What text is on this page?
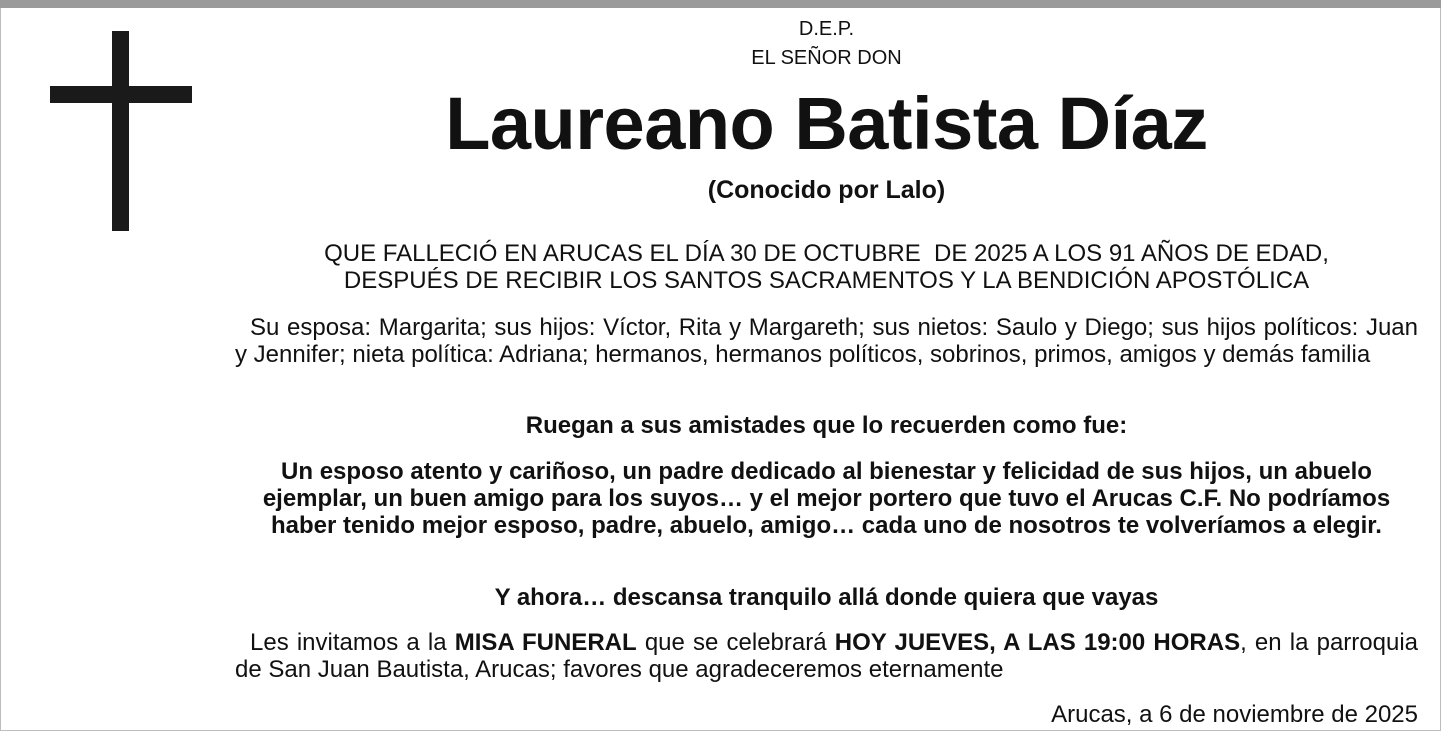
D.E.P.
EL SEÑOR DON
Laureano Batista Díaz
(Conocido por Lalo)
QUE FALLECIÓ EN ARUCAS EL DÍA 30 DE OCTUBRE  DE 2025 A LOS 91 AÑOS DE EDAD,
DESPUÉS DE RECIBIR LOS SANTOS SACRAMENTOS Y LA BENDICIÓN APOSTÓLICA
Su esposa: Margarita; sus hijos: Víctor, Rita y Margareth; sus nietos: Saulo y Diego; sus hijos políticos: Juan y Jennifer; nieta política: Adriana; hermanos, hermanos políticos, sobrinos, primos, amigos y demás familia
Ruegan a sus amistades que lo recuerden como fue:
Un esposo atento y cariñoso, un padre dedicado al bienestar y felicidad de sus hijos, un abuelo ejemplar, un buen amigo para los suyos… y el mejor portero que tuvo el Arucas C.F. No podríamos haber tenido mejor esposo, padre, abuelo, amigo… cada uno de nosotros te volveríamos a elegir.
Y ahora… descansa tranquilo allá donde quiera que vayas
Les invitamos a la MISA FUNERAL que se celebrará HOY JUEVES, A LAS 19:00 HORAS, en la parroquia de San Juan Bautista, Arucas; favores que agradeceremos eternamente
Arucas, a 6 de noviembre de 2025
